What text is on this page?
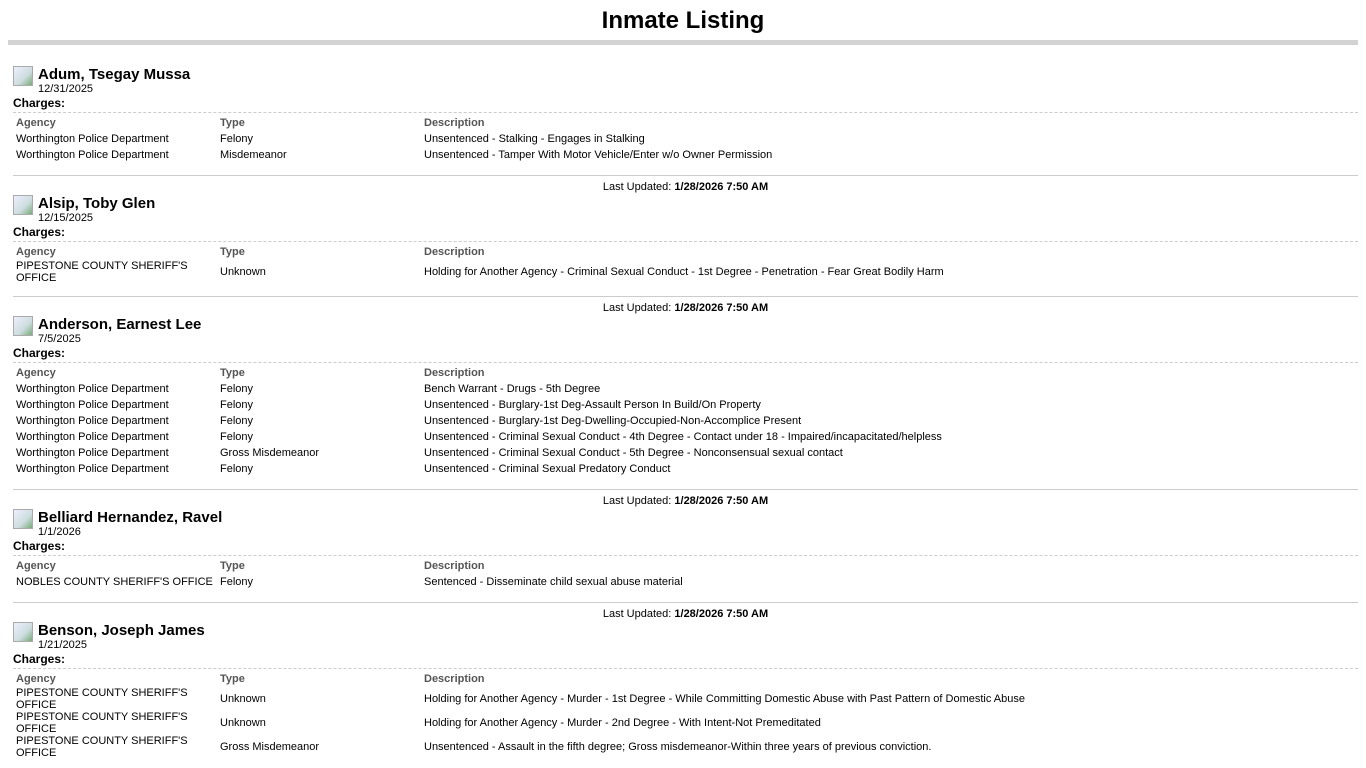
Inmate Listing
Adum, Tsegay Mussa
12/31/2025
Charges:
Agency	Type	Description
Worthington Police Department	Felony	Unsentenced - Stalking - Engages in Stalking
Worthington Police Department	Misdemeanor	Unsentenced - Tamper With Motor Vehicle/Enter w/o Owner Permission
Last Updated: 1/28/2026 7:50 AM
Alsip, Toby Glen
12/15/2025
Charges:
Agency	Type	Description
PIPESTONE COUNTY SHERIFF'S OFFICE	Unknown	Holding for Another Agency - Criminal Sexual Conduct - 1st Degree - Penetration - Fear Great Bodily Harm
Last Updated: 1/28/2026 7:50 AM
Anderson, Earnest Lee
7/5/2025
Charges:
Agency	Type	Description
Worthington Police Department	Felony	Bench Warrant - Drugs - 5th Degree
Worthington Police Department	Felony	Unsentenced - Burglary-1st Deg-Assault Person In Build/On Property
Worthington Police Department	Felony	Unsentenced - Burglary-1st Deg-Dwelling-Occupied-Non-Accomplice Present
Worthington Police Department	Felony	Unsentenced - Criminal Sexual Conduct - 4th Degree - Contact under 18 - Impaired/incapacitated/helpless
Worthington Police Department	Gross Misdemeanor	Unsentenced - Criminal Sexual Conduct - 5th Degree - Nonconsensual sexual contact
Worthington Police Department	Felony	Unsentenced - Criminal Sexual Predatory Conduct
Last Updated: 1/28/2026 7:50 AM
Belliard Hernandez, Ravel
1/1/2026
Charges:
Agency	Type	Description
NOBLES COUNTY SHERIFF'S OFFICE	Felony	Sentenced - Disseminate child sexual abuse material
Last Updated: 1/28/2026 7:50 AM
Benson, Joseph James
1/21/2025
Charges:
Agency	Type	Description
PIPESTONE COUNTY SHERIFF'S OFFICE	Unknown	Holding for Another Agency - Murder - 1st Degree - While Committing Domestic Abuse with Past Pattern of Domestic Abuse
PIPESTONE COUNTY SHERIFF'S OFFICE	Unknown	Holding for Another Agency - Murder - 2nd Degree - With Intent-Not Premeditated
PIPESTONE COUNTY SHERIFF'S OFFICE	Gross Misdemeanor	Unsentenced - Assault in the fifth degree; Gross misdemeanor-Within three years of previous conviction.
